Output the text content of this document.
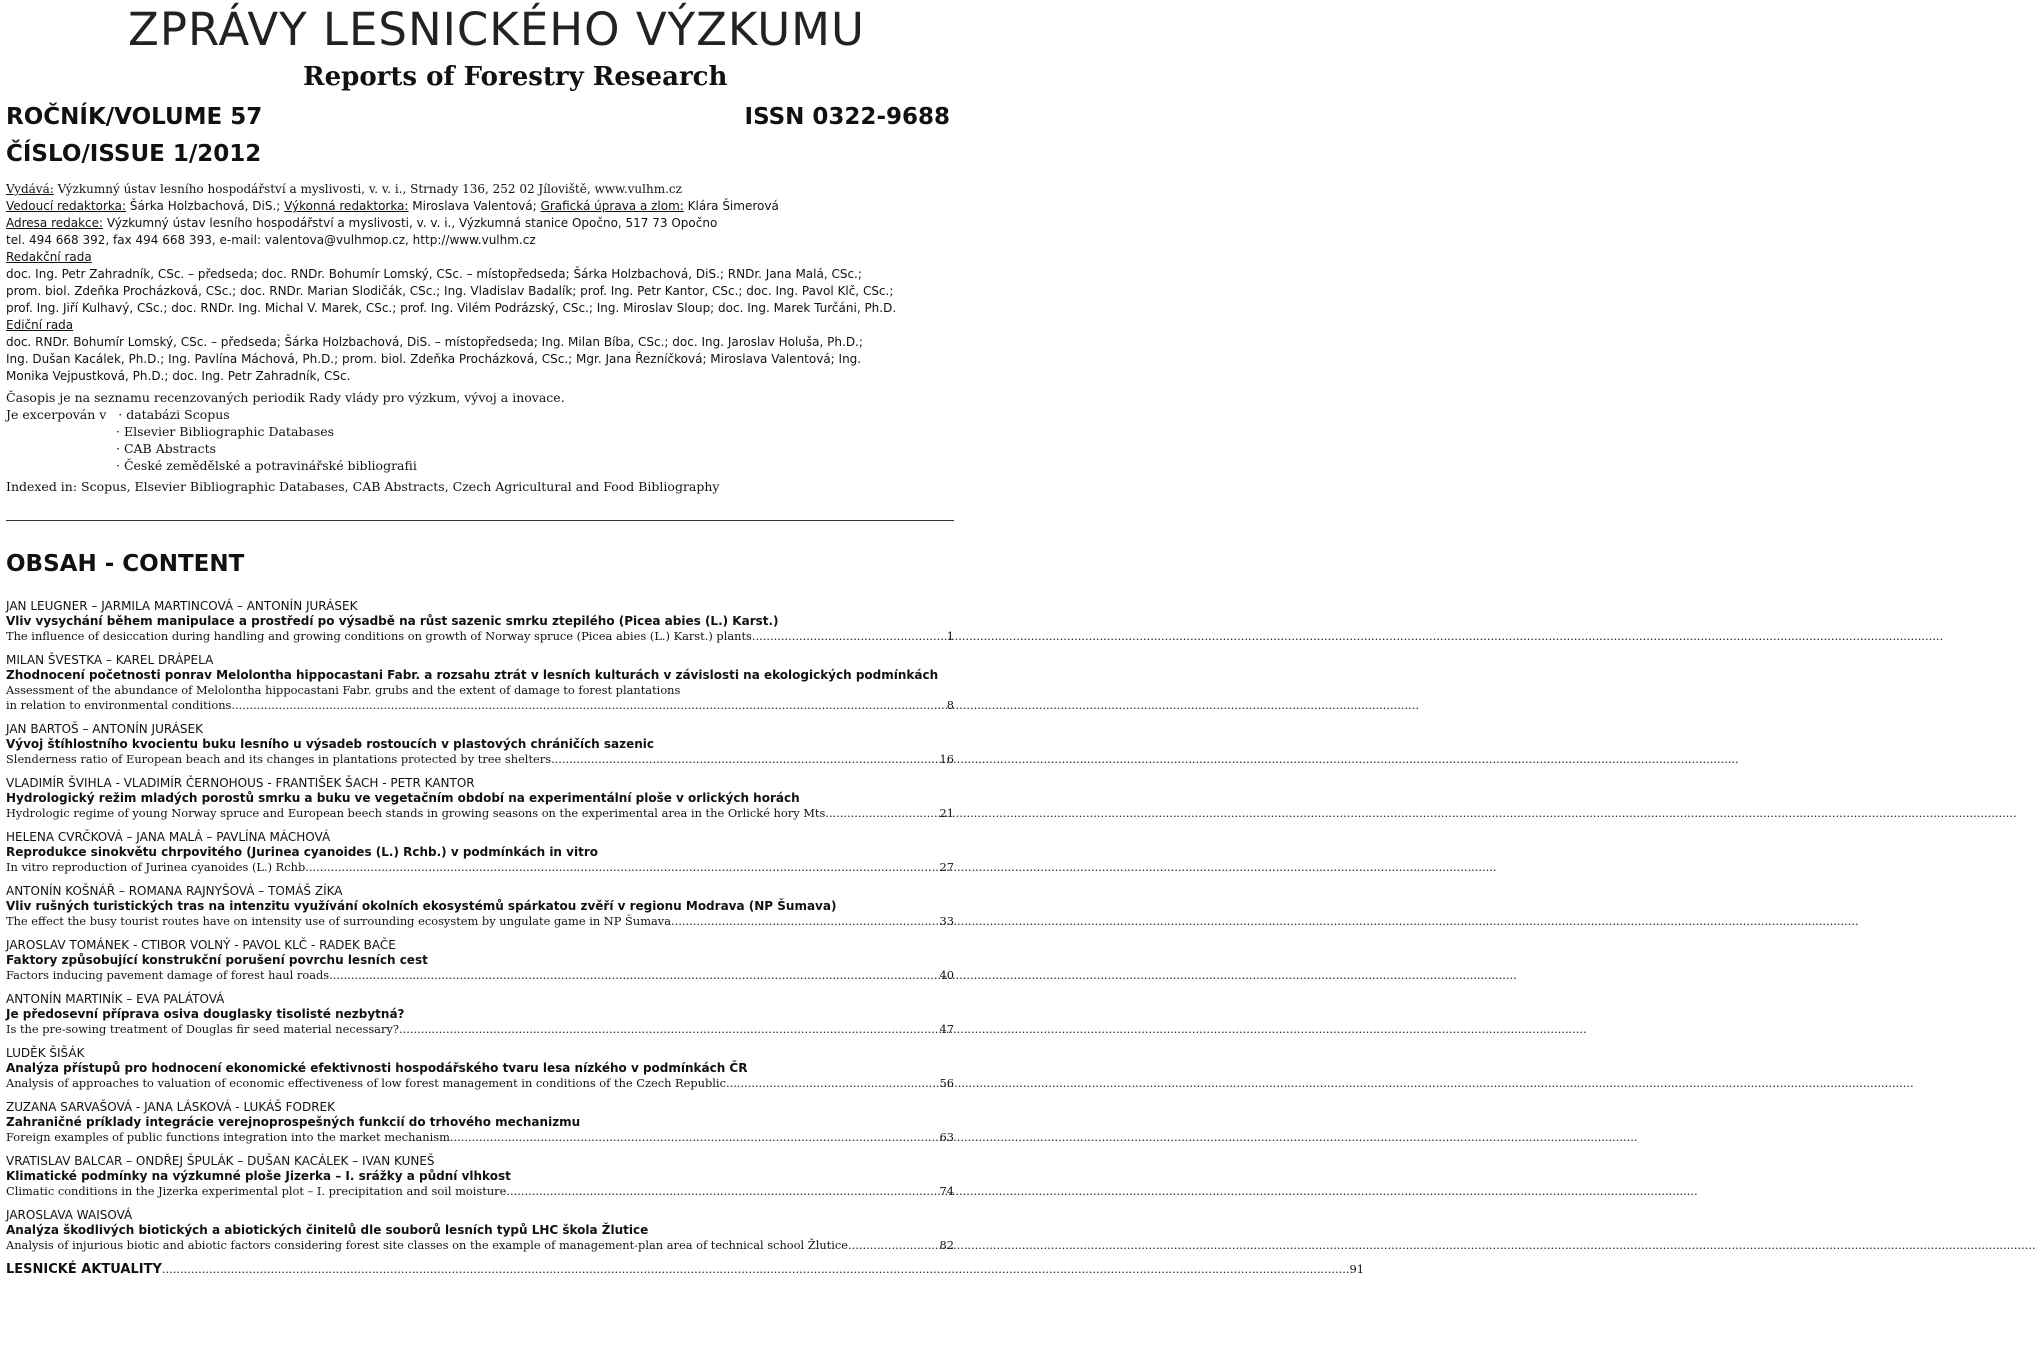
ZPRÁVY LESNICKÉHO VÝZKUMU
Reports of Forestry Research
ROČNÍK/VOLUME 57
ČÍSLO/ISSUE 1/2012
ISSN 0322-9688
Vydává: Výzkumný ústav lesního hospodářství a myslivosti, v. v. i., Strnady 136, 252 02 Jíloviště, www.vulhm.cz
Vedoucí redaktorka: Šárka Holzbachová, DiS.; Výkonná redaktorka: Miroslava Valentová; Grafická úprava a zlom: Klára Šimerová
Adresa redakce: Výzkumný ústav lesního hospodářství a myslivosti, v. v. i., Výzkumná stanice Opočno, 517 73 Opočno
tel. 494 668 392, fax 494 668 393, e-mail: valentova@vulhmop.cz, http://www.vulhm.cz
Redakční rada
doc. Ing. Petr Zahradník, CSc. – předseda; doc. RNDr. Bohumír Lomský, CSc. – místopředseda; Šárka Holzbachová, DiS.; RNDr. Jana Malá, CSc.;
prom. biol. Zdeňka Procházková, CSc.; doc. RNDr. Marian Slodičák, CSc.; Ing. Vladislav Badalík; prof. Ing. Petr Kantor, CSc.; doc. Ing. Pavol Klč, CSc.;
prof. Ing. Jiří Kulhavý, CSc.; doc. RNDr. Ing. Michal V. Marek, CSc.; prof. Ing. Vilém Podrázský, CSc.; Ing. Miroslav Sloup; doc. Ing. Marek Turčáni, Ph.D.
Ediční rada
doc. RNDr. Bohumír Lomský, CSc. – předseda; Šárka Holzbachová, DiS. – místopředseda; Ing. Milan Bíba, CSc.; doc. Ing. Jaroslav Holuša, Ph.D.;
Ing. Dušan Kacálek, Ph.D.; Ing. Pavlína Máchová, Ph.D.; prom. biol. Zdeňka Procházková, CSc.; Mgr. Jana Řezníčková; Miroslava Valentová; Ing.
Monika Vejpustková, Ph.D.; doc. Ing. Petr Zahradník, CSc.
Časopis je na seznamu recenzovaných periodik Rady vlády pro výzkum, vývoj a inovace.
Je excerpován v · databázi Scopus
· Elsevier Bibliographic Databases
· CAB Abstracts
· České zemědělské a potravinářské bibliografii
Indexed in: Scopus, Elsevier Bibliographic Databases, CAB Abstracts, Czech Agricultural and Food Bibliography
OBSAH - CONTENT
JAN LEUGNER – JARMILA MARTINCOVÁ – ANTONÍN JURÁSEK
Vliv vysychání během manipulace a prostředí po výsadbě na růst sazenic smrku ztepilého (Picea abies (L.) Karst.)
The influence of desiccation during handling and growing conditions on growth of Norway spruce (Picea abies (L.) Karst.) plants. .....	1
MILAN ŠVESTKA – KAREL DRÁPELA
Zhodnocení početnosti ponrav Melolontha hippocastani Fabr. a rozsahu ztrát v lesních kulturách v závislosti na ekologických podmínkách
Assessment of the abundance of Melolontha hippocastani Fabr. grubs and the extent of damage to forest plantations
in relation to environmental conditions .....	8
JAN BARTOŠ – ANTONÍN JURÁSEK
Vývoj štíhlostního kvocientu buku lesního u výsadeb rostoucích v plastových chráničích sazenic
Slenderness ratio of European beach and its changes in plantations protected by tree shelters .....	16
VLADIMÍR ŠVIHLA - VLADIMÍR ČERNOHOUS - FRANTIŠEK ŠACH - PETR KANTOR
Hydrologický režim mladých porostů smrku a buku ve vegetačním období na experimentální ploše v orlických horách
Hydrologic regime of young Norway spruce and European beech stands in growing seasons on the experimental area in the Orlické hory Mts. .....	21
HELENA CVRČKOVÁ – JANA MALÁ – PAVLÍNA MÁCHOVÁ
Reprodukce sinokvětu chrpovitého (Jurinea cyanoides (L.) Rchb.) v podmínkách in vitro
In vitro reproduction of Jurinea cyanoides (L.) Rchb. .....	27
ANTONÍN KOŠNÁŘ – ROMANA RAJNYŠOVÁ – TOMÁŠ ZÍKA
Vliv rušných turistických tras na intenzitu využívání okolních ekosystémů spárkatou zvěří v regionu Modrava (NP Šumava)
The effect the busy tourist routes have on intensity use of surrounding ecosystem by ungulate game in NP Šumava .....	33
JAROSLAV TOMÁNEK - CTIBOR VOLNÝ - PAVOL KLČ - RADEK BAČE
Faktory způsobující konstrukční porušení povrchu lesních cest
Factors inducing pavement damage of forest haul roads .....	40
ANTONÍN MARTINÍK – EVA PALÁTOVÁ
Je předosevní příprava osiva douglasky tisolisté nezbytná?
Is the pre-sowing treatment of Douglas fir seed material necessary? .....	47
LUDĚK ŠIŠÁK
Analýza přístupů pro hodnocení ekonomické efektivnosti hospodářského tvaru lesa nízkého v podmínkách ČR
Analysis of approaches to valuation of economic effectiveness of low forest management in conditions of the Czech Republic .....	56
ZUZANA SARVAŠOVÁ - JANA LÁSKOVÁ - LUKÁŠ FODREK
Zahraničné príklady integrácie verejnoprospešných funkcií do trhového mechanizmu
Foreign examples of public functions integration into the market mechanism .....	63
VRATISLAV BALCAR – ONDŘEJ ŠPULÁK – DUŠAN KACÁLEK – IVAN KUNEŠ
Klimatické podmínky na výzkumné ploše Jizerka – I. srážky a půdní vlhkost
Climatic conditions in the Jizerka experimental plot – I. precipitation and soil moisture. .....	74
JAROSLAVA WAISOVÁ
Analýza škodlivých biotických a abiotických činitelů dle souborů lesních typů LHC škola Žlutice
Analysis of injurious biotic and abiotic factors considering forest site classes on the example of management-plan area of technical school Žlutice .....	82
LESNICKÉ AKTUALITY .....	91
